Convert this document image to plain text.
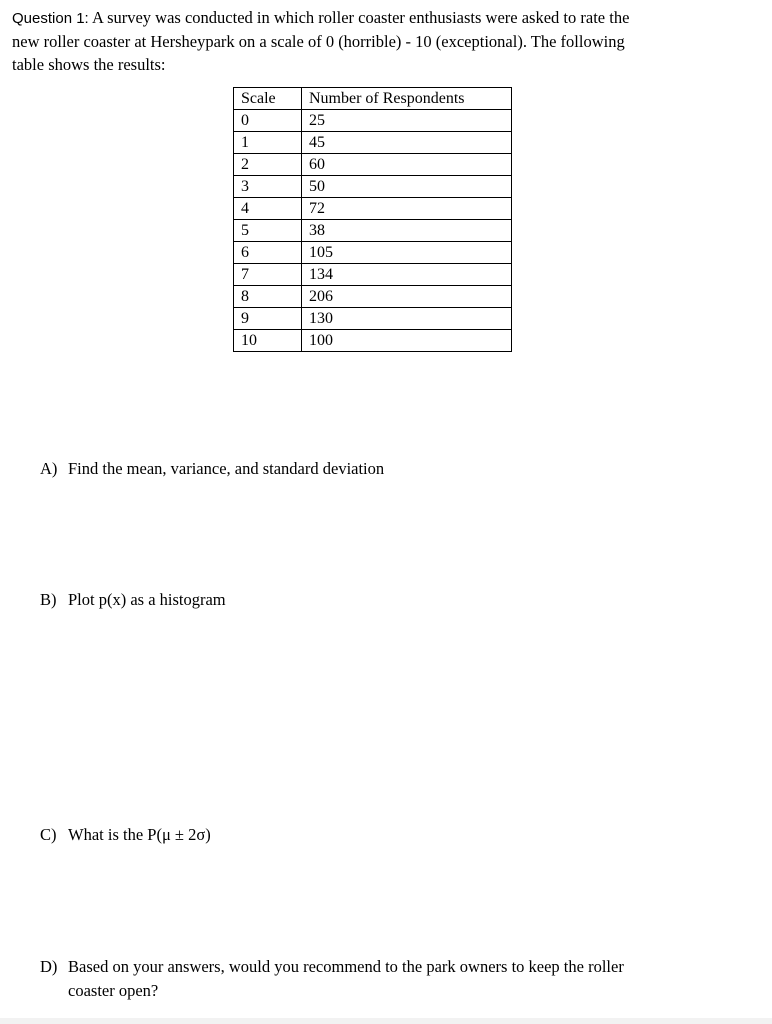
Question 1: A survey was conducted in which roller coaster enthusiasts were asked to rate the
new roller coaster at Hersheypark on a scale of 0 (horrible) - 10 (exceptional). The following
table shows the results:
Scale	Number of Respondents
0	25
1	45
2	60
3	50
4	72
5	38
6	105
7	134
8	206
9	130
10	100

A) Find the mean, variance, and standard deviation

B) Plot p(x) as a histogram

C) What is the P(μ ± 2σ)

D) Based on your answers, would you recommend to the park owners to keep the roller
coaster open?
